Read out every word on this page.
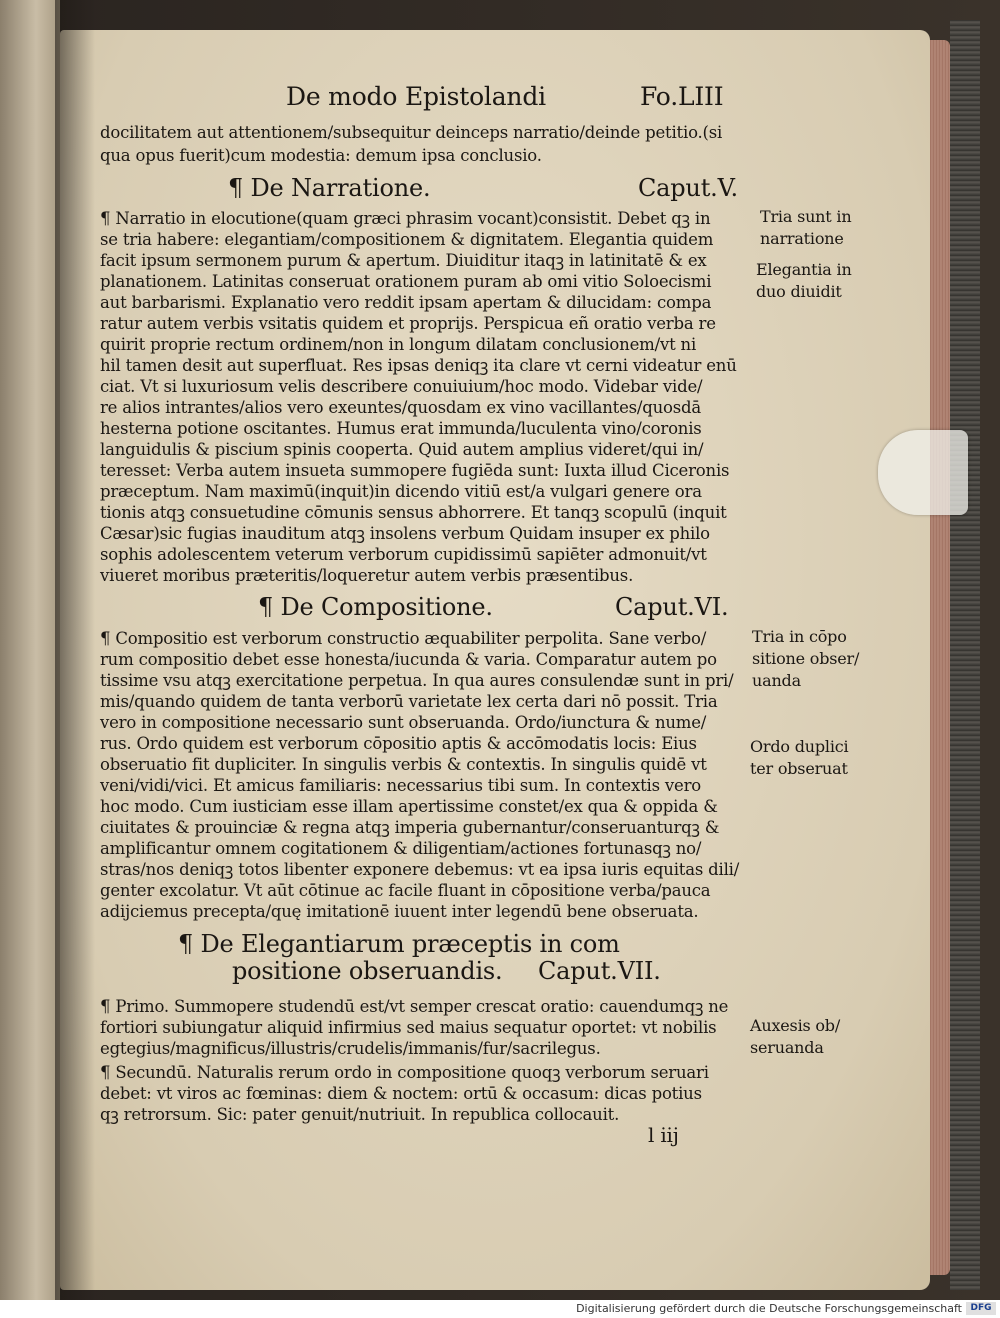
De modo Epistolandi	Fo.LIII
docilitatem aut attentionem/subsequitur deinceps narratio/deinde petitio.(si
qua opus fuerit)cum modestia: demum ipsa conclusio.
¶ De Narratione.	Caput.V.
¶ Narratio in elocutione(quam græci phrasim vocant)consistit. Debet qꝫ in
se tria habere: elegantiam/compositionem & dignitatem. Elegantia quidem
facit ipsum sermonem purum & apertum. Diuiditur itaqꝫ in latinitatē & ex
planationem. Latinitas conseruat orationem puram ab omi vitio Soloecismi
aut barbarismi. Explanatio vero reddit ipsam apertam & dilucidam: compa
ratur autem verbis vsitatis quidem et proprijs. Perspicua eñ oratio verba re
quirit proprie rectum ordinem/non in longum dilatam conclusionem/vt ni
hil tamen desit aut superfluat. Res ipsas deniqꝫ ita clare vt cerni videatur enū
ciat. Vt si luxuriosum velis describere conuiuium/hoc modo. Videbar vide/
re alios intrantes/alios vero exeuntes/quosdam ex vino vacillantes/quosdā
hesterna potione oscitantes. Humus erat immunda/luculenta vino/coronis
languidulis & piscium spinis cooperta. Quid autem amplius videret/qui in/
teresset: Verba autem insueta summopere fugiēda sunt: Iuxta illud Ciceronis
præceptum. Nam maximū(inquit)in dicendo vitiū est/a vulgari genere ora
tionis atqꝫ consuetudine cōmunis sensus abhorrere. Et tanqꝫ scopulū (inquit
Cæsar)sic fugias inauditum atqꝫ insolens verbum Quidam insuper ex philo
sophis adolescentem veterum verborum cupidissimū sapiēter admonuit/vt
viueret moribus præteritis/loqueretur autem verbis præsentibus.
¶ De Compositione.	Caput.VI.
¶ Compositio est verborum constructio æquabiliter perpolita. Sane verbo/
rum compositio debet esse honesta/iucunda & varia. Comparatur autem po
tissime vsu atqꝫ exercitatione perpetua. In qua aures consulendæ sunt in pri/
mis/quando quidem de tanta verborū varietate lex certa dari nō possit. Tria
vero in compositione necessario sunt obseruanda. Ordo/iunctura & nume/
rus. Ordo quidem est verborum cōpositio aptis & accōmodatis locis: Eius
obseruatio fit dupliciter. In singulis verbis & contextis. In singulis quidē vt
veni/vidi/vici. Et amicus familiaris: necessarius tibi sum. In contextis vero
hoc modo. Cum iusticiam esse illam apertissime constet/ex qua & oppida &
ciuitates & prouinciæ & regna atqꝫ imperia gubernantur/conseruanturqꝫ &
amplificantur omnem cogitationem & diligentiam/actiones fortunasqꝫ no/
stras/nos deniqꝫ totos libenter exponere debemus: vt ea ipsa iuris equitas dili/
genter excolatur. Vt aūt cōtinue ac facile fluant in cōpositione verba/pauca
adijciemus precepta/quę imitationē iuuent inter legendū bene obseruata.
¶ De Elegantiarum præceptis in com
positione obseruandis. Caput.VII.
¶ Primo. Summopere studendū est/vt semper crescat oratio: cauendumqꝫ ne
fortiori subiungatur aliquid infirmius sed maius sequatur oportet: vt nobilis
egtegius/magnificus/illustris/crudelis/immanis/fur/sacrilegus.
¶ Secundū. Naturalis rerum ordo in compositione quoqꝫ verborum seruari
debet: vt viros ac fœminas: diem & noctem: ortū & occasum: dicas potius
qꝫ retrorsum. Sic: pater genuit/nutriuit. In republica collocauit.
l iij
Tria sunt in
narratione
Elegantia in
duo diuidit
Tria in cōpo
sitione obser/
uanda
Ordo duplici
ter obseruat
Auxesis ob/
seruanda
Digitalisierung gefördert durch die Deutsche Forschungsgemeinschaft DFG
